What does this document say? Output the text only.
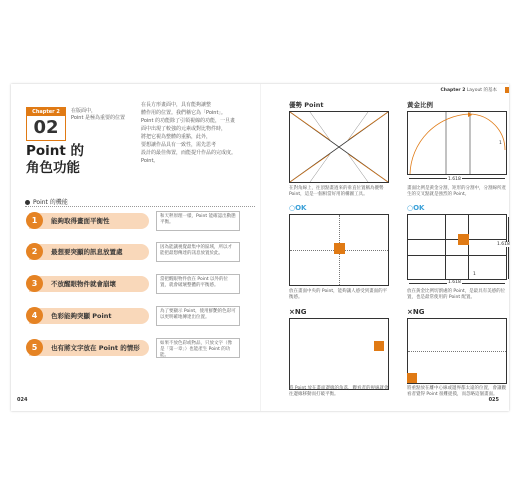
Chapter 2
02
在版面中，
Point 是極為重要的位置
Point 的
角色功能
在長方形畫面中，具有能夠讓整
體作用的位置。我們稱它為「Point」。
Point 的功能除了引領視線的功能，一旦畫
面中出現了較強的元素或對比物件時，
將把它視為整體的重點，此外，
要想讓作品具有一致性，需先思考
設計的最佳佈置，而能提升作品的完成度。
Point。
Point 的機能
1	能夠取得畫面平衡性
和天秤原理一樣，Point 能確認出動態平衡。
2	最想要突顯的訊息放置處
因為能讓視覺最集中的區域，所以才能把最想傳達的訊息放置於此。
3	不放醒眼物件就會崩壞
當把醒眼物件放在 Point 以外的位置，就會破壞整體的平衡感。
4	色彩能夠突顯 Point
為了要顯示 Point，使用鮮艷的色彩可以更明確地傳達出位置。
5	也有將文字放在 Point 的情形
如果不放色彩或物品，只放文字（像是「第一章」）也能產生 Point 的功能。
024
Chapter 2 Layout 的基本
優勢 Point	黃金比例
1.618
1
在對角線上，往頂點畫過來的垂直位置稱為優勢 Point，這是一個相當好用的構圖工具。
畫面比例是黃金分割，矩形的分割中，分割線所產生的交叉點就是強烈的 Point。
○OK	○OK
1.618
1.618
1
放在畫面中央的 Point，能夠讓人感受到畫面的平衡感。
放在黃金比例切割處的 Point，是最具有美感的位置，也是最常使用的 Point 配置。
×NG	×NG
將 Point 放在畫面邊緣的角落，觀看者的視線就會往邊緣移動而打破平衡。
將重點放在離中心線或邊界都太遠的位置，會讓觀看者覺得 Point 很難捉摸，而忽略這個畫面。
025
